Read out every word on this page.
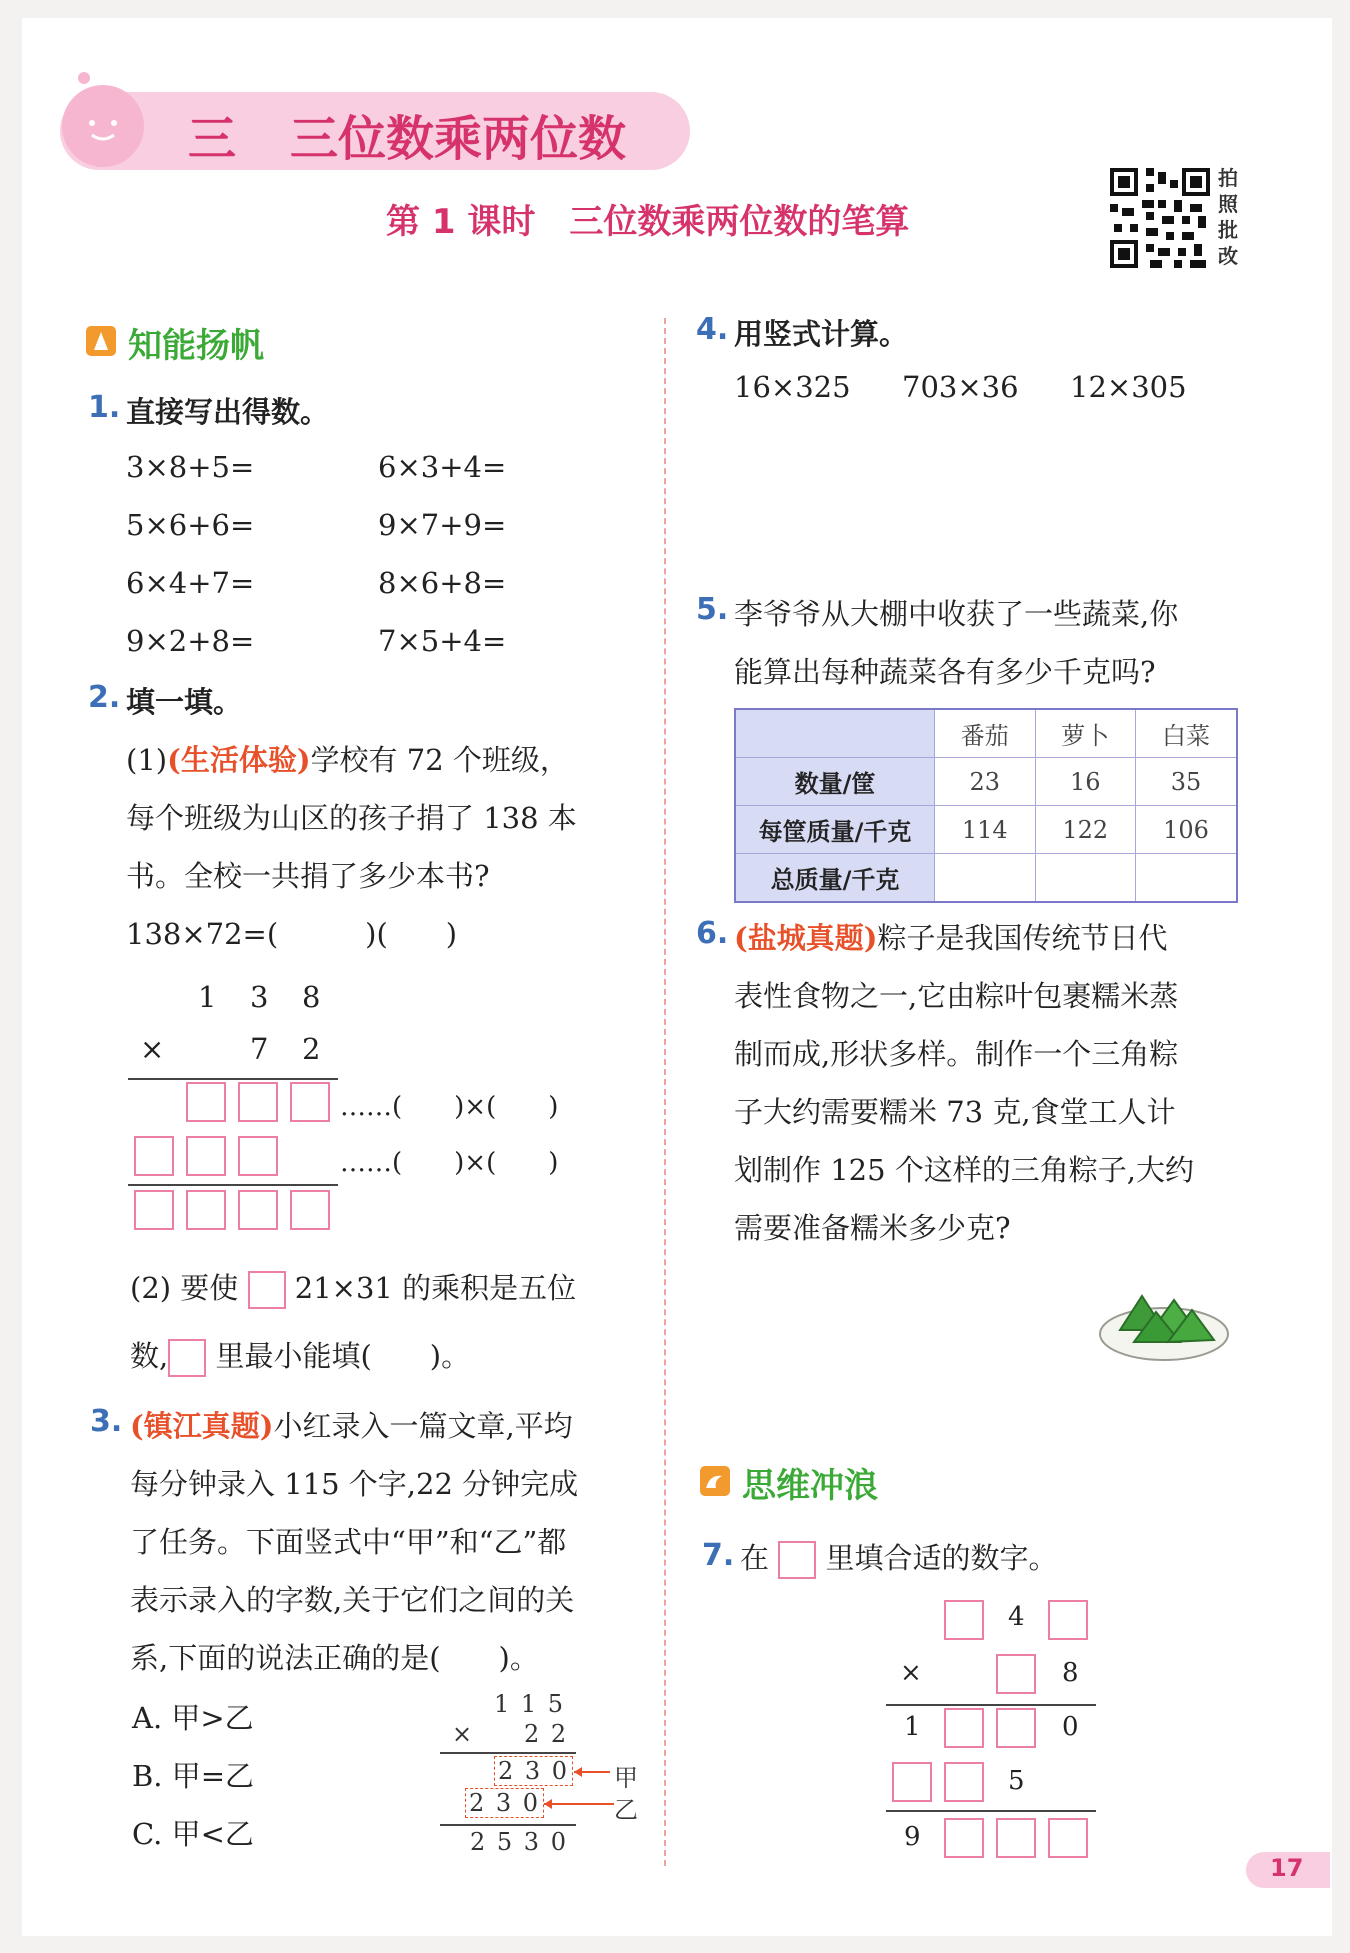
三 三位数乘两位数
第 1 课时　三位数乘两位数的笔算
拍照批改
知能扬帆
1. 直接写出得数。
3×8+5=	6×3+4=
5×6+6=	9×7+9=
6×4+7=	8×6+8=
9×2+8=	7×5+4=
2. 填一填。
(1)(生活体验)学校有 72 个班级，
每个班级为山区的孩子捐了 138 本
书。全校一共捐了多少本书?
138×72=(　　　)(　　)
1 3 8
×	7 2
……(　　)×(　　)
……(　　)×(　　)
(2) 要使 21×31 的乘积是五位
数, 里最小能填(　　)。
3. (镇江真题)小红录入一篇文章,平均
每分钟录入 115 个字,22 分钟完成
了任务。下面竖式中“甲”和“乙”都
表示录入的字数,关于它们之间的关
系,下面的说法正确的是(　　)。
A. 甲>乙
B. 甲=乙
C. 甲<乙
1 1 5
× 2 2
2 3 0
2 3 0
甲
乙
2 5 3 0
4. 用竖式计算。
16×325 703×36 12×305
5. 李爷爷从大棚中收获了一些蔬菜,你
能算出每种蔬菜各有多少千克吗?
	番茄	萝卜	白菜
数量/筐	23	16	35
每筐质量/千克	114	122	106
总质量/千克			
6. (盐城真题)粽子是我国传统节日代
表性食物之一,它由粽叶包裹糯米蒸
制而成,形状多样。制作一个三角粽
子大约需要糯米 73 克,食堂工人计
划制作 125 个这样的三角粽子,大约
需要准备糯米多少克?
思维冲浪
7. 在 里填合适的数字。
4
×	8
1	0
5
9
17
